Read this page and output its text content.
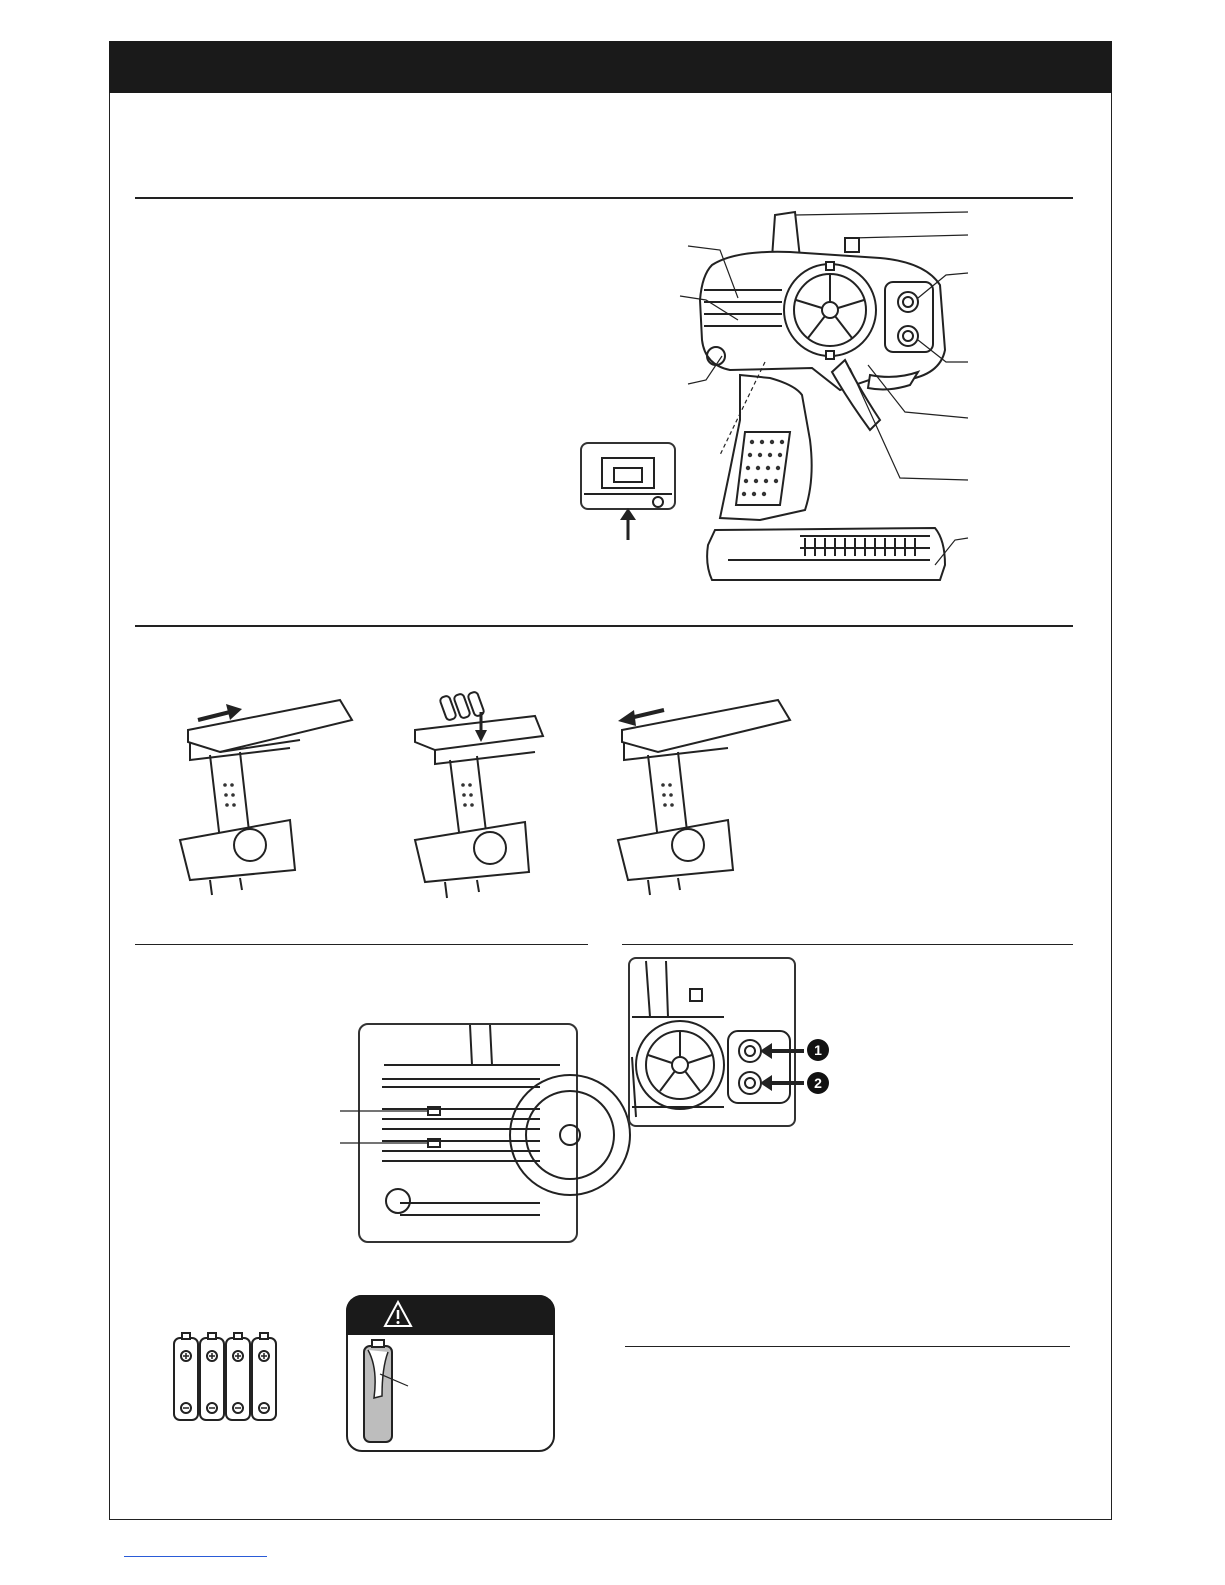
1
2
